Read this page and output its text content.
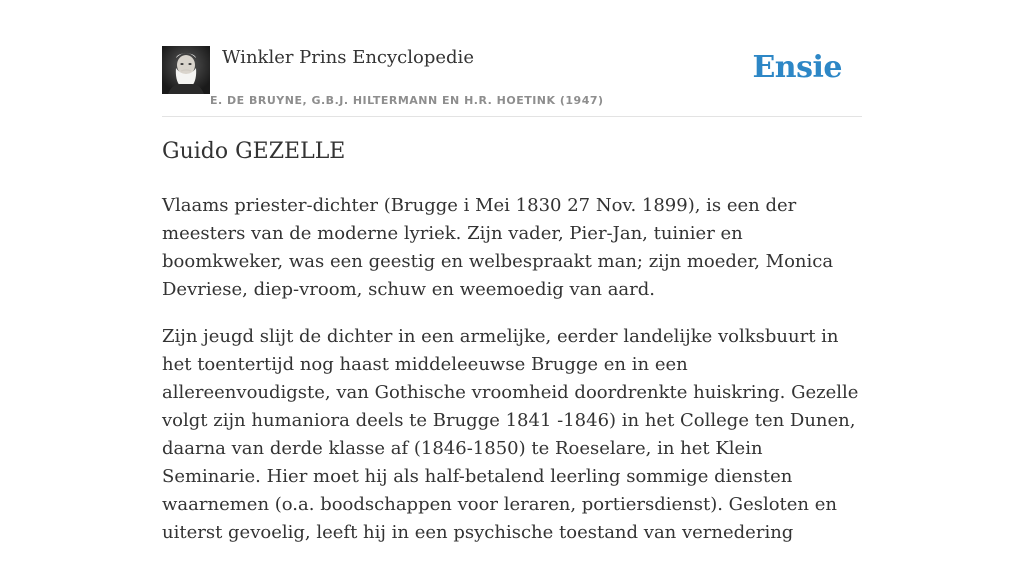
Winkler Prins Encyclopedie
E. DE BRUYNE, G.B.J. HILTERMANN EN H.R. HOETINK (1947)
Ensie
Guido GEZELLE

Vlaams priester-dichter (Brugge i Mei 1830 27 Nov. 1899), is een der meesters van de moderne lyriek. Zijn vader, Pier-Jan, tuinier en boomkweker, was een geestig en welbespraakt man; zijn moeder, Monica Devriese, diep-vroom, schuw en weemoedig van aard.

Zijn jeugd slijt de dichter in een armelijke, eerder landelijke volksbuurt in het toentertijd nog haast middeleeuwse Brugge en in een allereenvoudigste, van Gothische vroomheid doordrenkte huiskring. Gezelle volgt zijn humaniora deels te Brugge 1841 -1846) in het College ten Dunen, daarna van derde klasse af (1846-1850) te Roeselare, in het Klein Seminarie. Hier moet hij als half-betalend leerling sommige diensten waarnemen (o.a. boodschappen voor leraren, portiersdienst). Gesloten en uiterst gevoelig, leeft hij in een psychische toestand van vernedering
